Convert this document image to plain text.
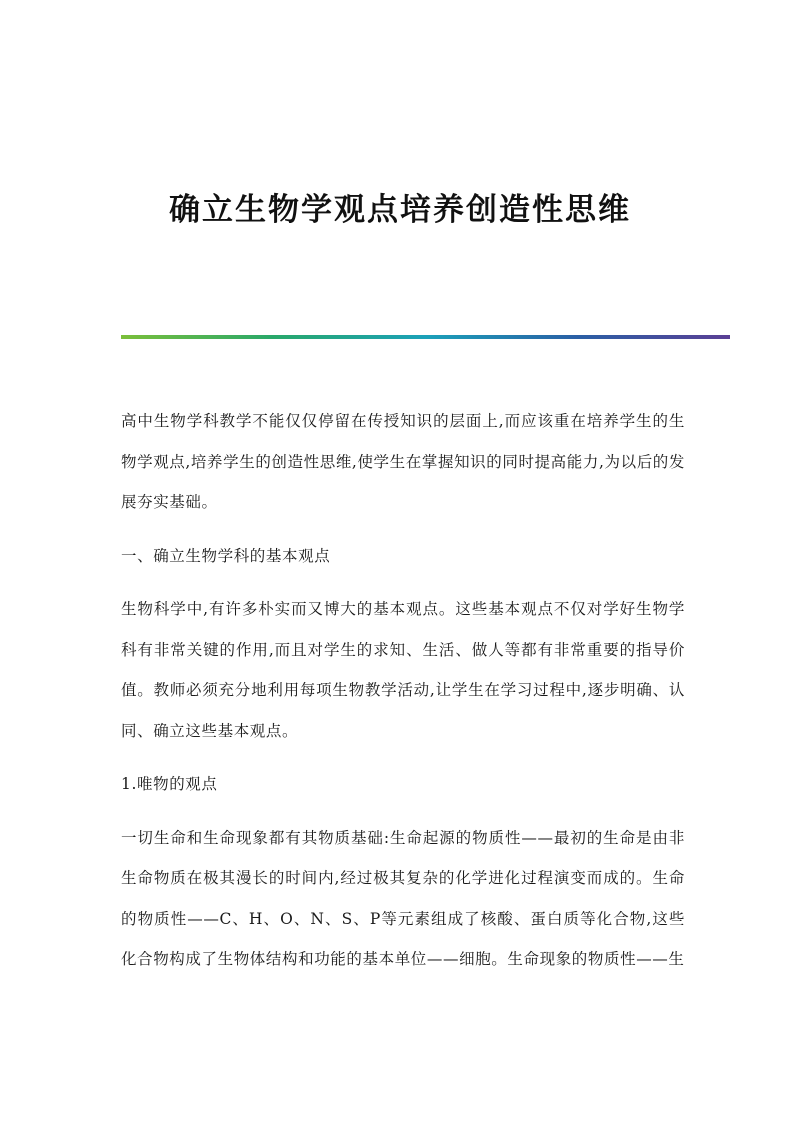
确立生物学观点培养创造性思维

高中生物学科教学不能仅仅停留在传授知识的层面上,而应该重在培养学生的生物学观点,培养学生的创造性思维,使学生在掌握知识的同时提高能力,为以后的发展夯实基础。

一、确立生物学科的基本观点

生物科学中,有许多朴实而又博大的基本观点。这些基本观点不仅对学好生物学科有非常关键的作用,而且对学生的求知、生活、做人等都有非常重要的指导价值。教师必须充分地利用每项生物教学活动,让学生在学习过程中,逐步明确、认同、确立这些基本观点。

1.唯物的观点

一切生命和生命现象都有其物质基础:生命起源的物质性——最初的生命是由非生命物质在极其漫长的时间内,经过极其复杂的化学进化过程演变而成的。生命的物质性——C、H、O、N、S、P等元素组成了核酸、蛋白质等化合物,这些化合物构成了生物体结构和功能的基本单位——细胞。生命现象的物质性——生
